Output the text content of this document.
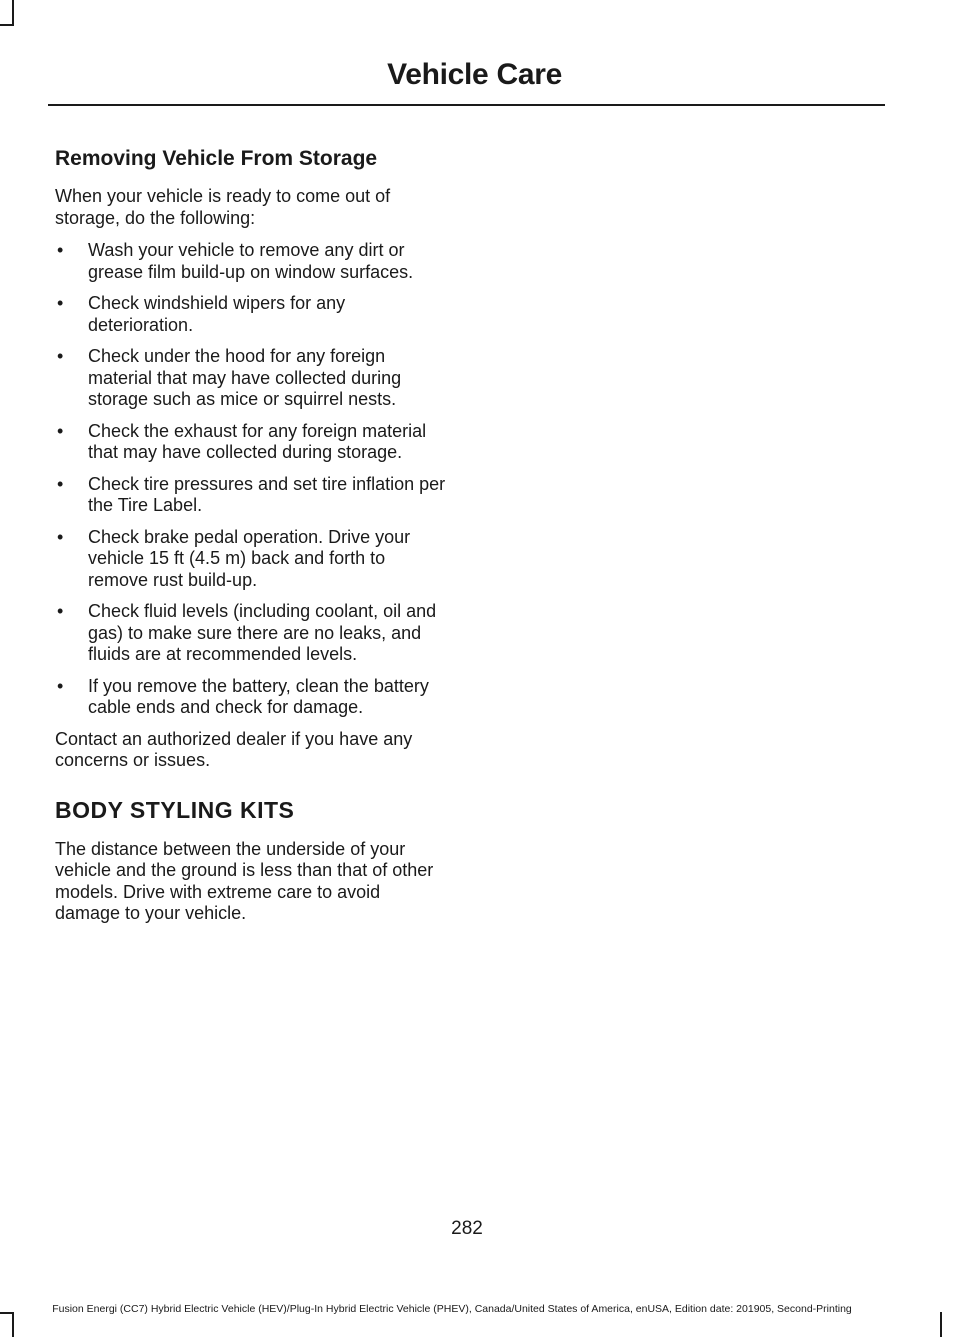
Vehicle Care
Removing Vehicle From Storage

When your vehicle is ready to come out of storage, do the following:

• Wash your vehicle to remove any dirt or grease film build-up on window surfaces.
• Check windshield wipers for any deterioration.
• Check under the hood for any foreign material that may have collected during storage such as mice or squirrel nests.
• Check the exhaust for any foreign material that may have collected during storage.
• Check tire pressures and set tire inflation per the Tire Label.
• Check brake pedal operation. Drive your vehicle 15 ft (4.5 m) back and forth to remove rust build-up.
• Check fluid levels (including coolant, oil and gas) to make sure there are no leaks, and fluids are at recommended levels.
• If you remove the battery, clean the battery cable ends and check for damage.

Contact an authorized dealer if you have any concerns or issues.

BODY STYLING KITS

The distance between the underside of your vehicle and the ground is less than that of other models. Drive with extreme care to avoid damage to your vehicle.

282
Fusion Energi (CC7) Hybrid Electric Vehicle (HEV)/Plug-In Hybrid Electric Vehicle (PHEV), Canada/United States of America, enUSA, Edition date: 201905, Second-Printing
